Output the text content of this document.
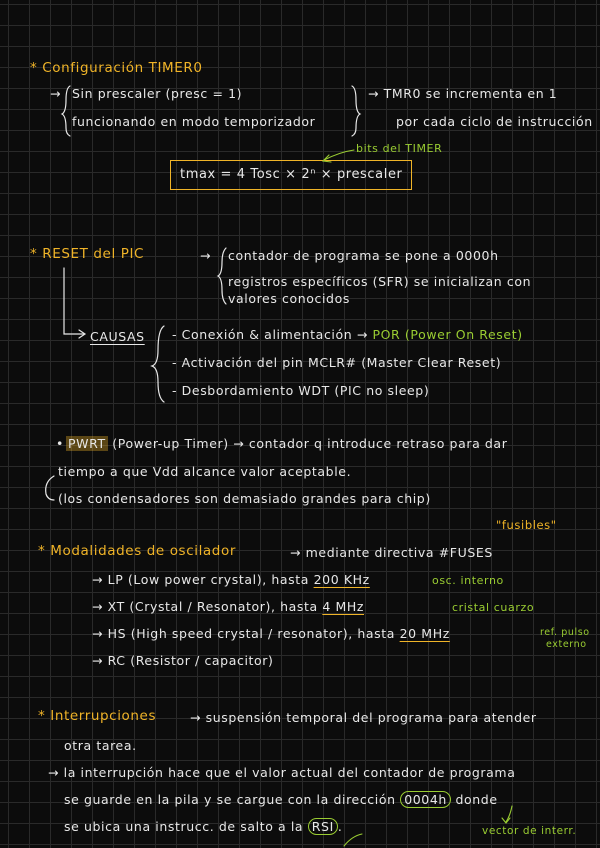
* Configuración TIMER0
→ Sin prescaler (presc = 1)
funcionando en modo temporizador
→ TMR0 se incrementa en 1
por cada ciclo de instrucción
bits del TIMER
tmax = 4 Tosc × 2ⁿ × prescaler
* RESET del PIC	→ contador de programa se pone a 0000h
registros específicos (SFR) se inicializan con
valores conocidos
CAUSAS - Conexión & alimentación → POR (Power On Reset)
- Activación del pin MCLR# (Master Clear Reset)
- Desbordamiento WDT (PIC no sleep)
• PWRT (Power-up Timer) → contador q introduce retraso para dar
tiempo a que Vdd alcance valor aceptable.
(los condensadores son demasiado grandes para chip)
"fusibles"
* Modalidades de oscilador	→ mediante directiva #FUSES
→ LP (Low power crystal), hasta 200 KHz	osc. interno
→ XT (Crystal / Resonator), hasta 4 MHz	cristal cuarzo
→ HS (High speed crystal / resonator), hasta 20 MHz	ref. pulso
externo
→ RC (Resistor / capacitor)
* Interrupciones	→ suspensión temporal del programa para atender
otra tarea.
→ la interrupción hace que el valor actual del contador de programa
se guarde en la pila y se cargue con la dirección 0004h donde
se ubica una instrucc. de salto a la RSI .	vector de interr.
